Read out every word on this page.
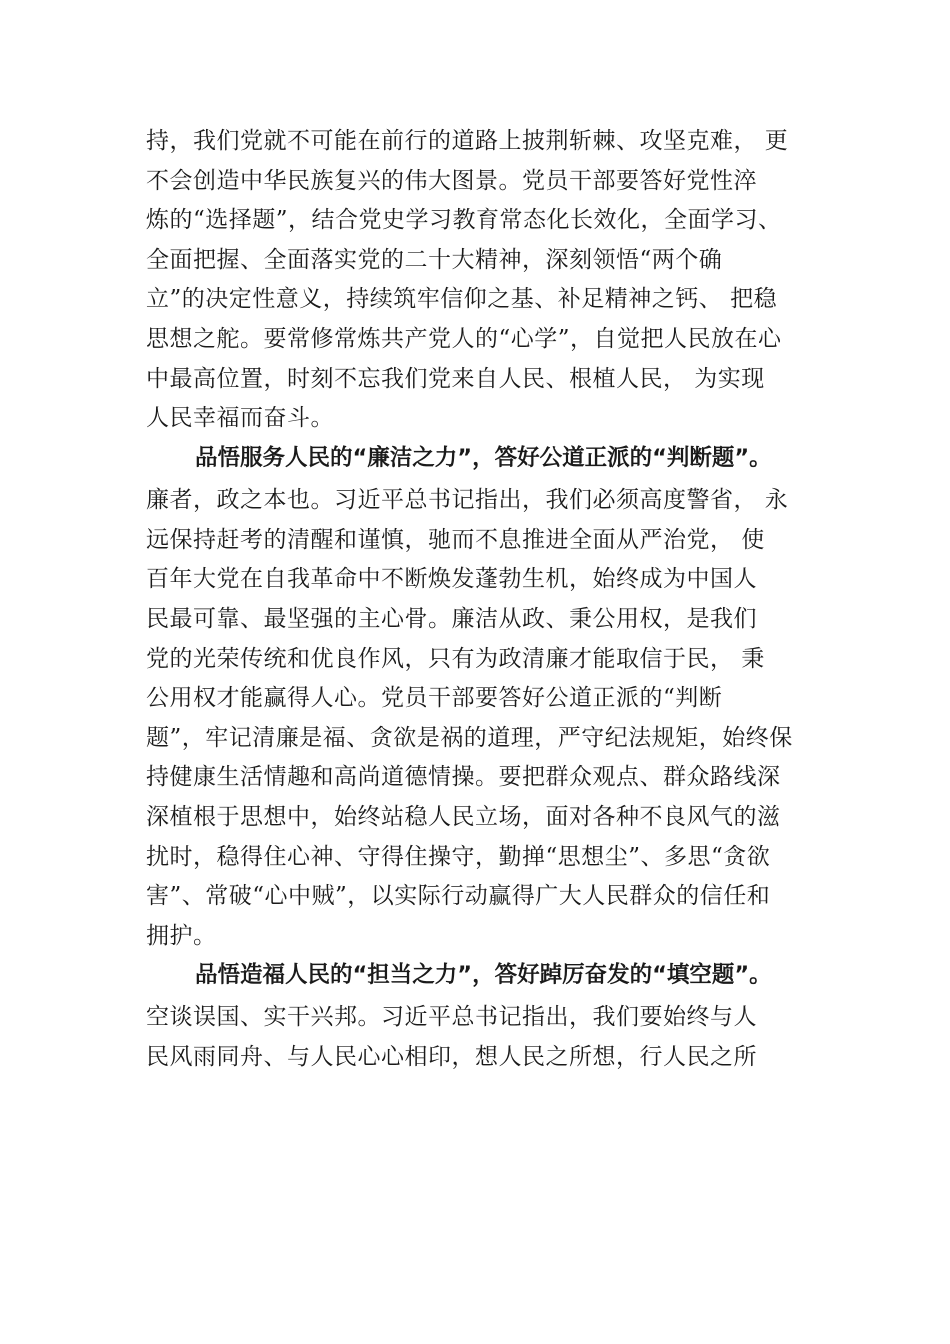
持，我们党就不可能在前行的道路上披荆斩棘、攻坚克难， 更
不会创造中华民族复兴的伟大图景。党员干部要答好党性淬
炼的“选择题”，结合党史学习教育常态化长效化，全面学习、
全面把握、全面落实党的二十大精神，深刻领悟“两个确
立”的决定性意义，持续筑牢信仰之基、补足精神之钙、 把稳
思想之舵。要常修常炼共产党人的“心学”，自觉把人民放在心
中最高位置，时刻不忘我们党来自人民、根植人民， 为实现
人民幸福而奋斗。
品悟服务人民的“廉洁之力”，答好公道正派的“判断题”。
廉者，政之本也。习近平总书记指出，我们必须高度警省， 永
远保持赶考的清醒和谨慎，驰而不息推进全面从严治党， 使
百年大党在自我革命中不断焕发蓬勃生机，始终成为中国人
民最可靠、最坚强的主心骨。廉洁从政、秉公用权，是我们
党的光荣传统和优良作风，只有为政清廉才能取信于民， 秉
公用权才能赢得人心。党员干部要答好公道正派的“判断
题”，牢记清廉是福、贪欲是祸的道理，严守纪法规矩，始终保
持健康生活情趣和高尚道德情操。要把群众观点、群众路线深
深植根于思想中，始终站稳人民立场，面对各种不良风气的滋
扰时，稳得住心神、守得住操守，勤掸“思想尘”、多思“贪欲
害”、常破“心中贼”，以实际行动赢得广大人民群众的信任和
拥护。
品悟造福人民的“担当之力”，答好踔厉奋发的“填空题”。
空谈误国、实干兴邦。习近平总书记指出，我们要始终与人
民风雨同舟、与人民心心相印，想人民之所想，行人民之所
